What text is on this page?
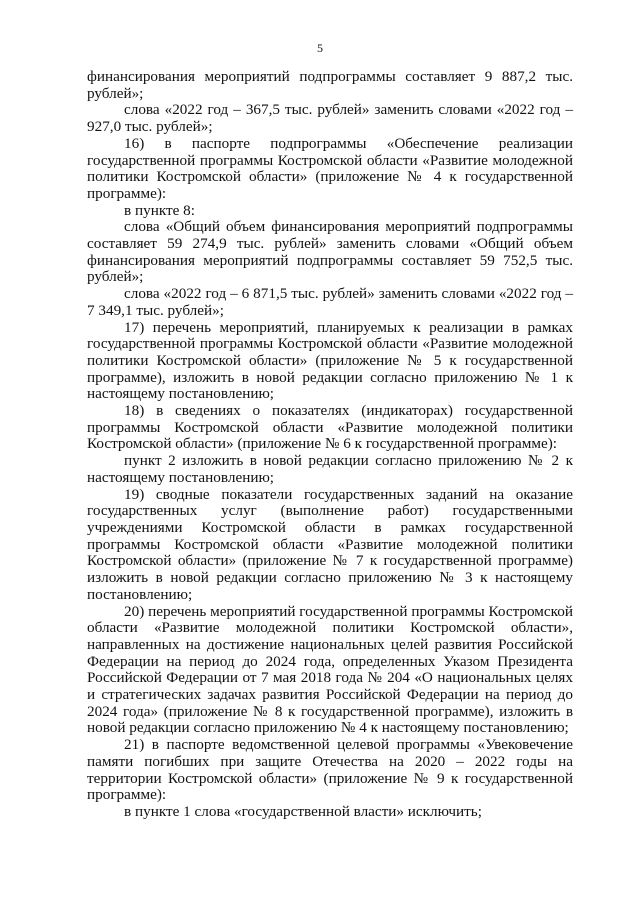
5

финансирования мероприятий подпрограммы составляет 9 887,2 тыс. рублей»;

слова «2022 год – 367,5 тыс. рублей» заменить словами «2022 год – 927,0 тыс. рублей»;

16) в паспорте подпрограммы «Обеспечение реализации государственной программы Костромской области «Развитие молодежной политики Костромской области» (приложение № 4 к государственной программе):

в пункте 8:

слова «Общий объем финансирования мероприятий подпрограммы составляет 59 274,9 тыс. рублей» заменить словами «Общий объем финансирования мероприятий подпрограммы составляет 59 752,5 тыс. рублей»;

слова «2022 год – 6 871,5 тыс. рублей» заменить словами «2022 год – 7 349,1 тыс. рублей»;

17) перечень мероприятий, планируемых к реализации в рамках государственной программы Костромской области «Развитие молодежной политики Костромской области» (приложение № 5 к государственной программе), изложить в новой редакции согласно приложению № 1 к настоящему постановлению;

18) в сведениях о показателях (индикаторах) государственной программы Костромской области «Развитие молодежной политики Костромской области» (приложение № 6 к государственной программе):

пункт 2 изложить в новой редакции согласно приложению № 2 к настоящему постановлению;

19) сводные показатели государственных заданий на оказание государственных услуг (выполнение работ) государственными учреждениями Костромской области в рамках государственной программы Костромской области «Развитие молодежной политики Костромской области» (приложение № 7 к государственной программе) изложить в новой редакции согласно приложению № 3 к настоящему постановлению;

20) перечень мероприятий государственной программы Костромской области «Развитие молодежной политики Костромской области», направленных на достижение национальных целей развития Российской Федерации на период до 2024 года, определенных Указом Президента Российской Федерации от 7 мая 2018 года № 204 «О национальных целях и стратегических задачах развития Российской Федерации на период до 2024 года» (приложение № 8 к государственной программе), изложить в новой редакции согласно приложению № 4 к настоящему постановлению;

21) в паспорте ведомственной целевой программы «Увековечение памяти погибших при защите Отечества на 2020 – 2022 годы на территории Костромской области» (приложение № 9 к государственной программе):

в пункте 1 слова «государственной власти» исключить;
